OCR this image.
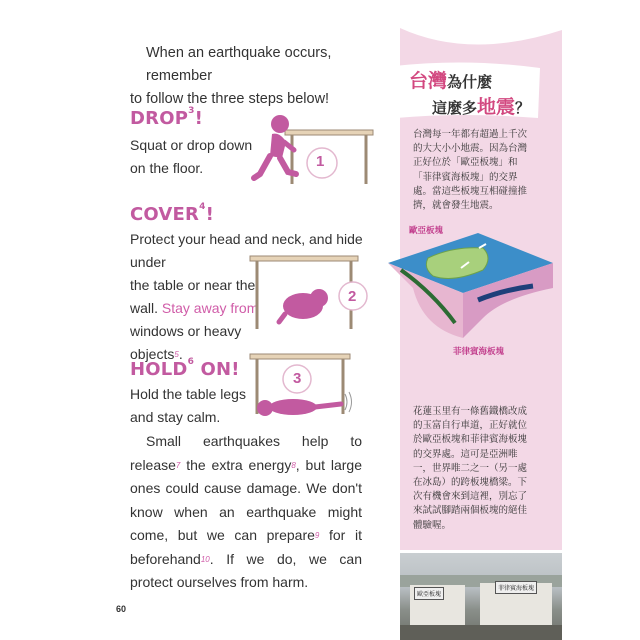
When an earthquake occurs, remember

to follow the three steps below!

DROP$^3$!
Squat or drop down
on the floor.	1
COVER$^4$!
Protect your head and neck, and hide under
the table or near the
wall. Stay away from
windows or heavy
objects$^5$.
2
HOLD$^6$ ON!
Hold the table legs
and stay calm.
3
Small earthquakes help to release$^7$ the extra energy$^8$, but large ones could cause damage. We don't know when an earthquake might come, but we can prepare$^9$ for it beforehand$^{10}$. If we do, we can protect ourselves from harm.
60
台灣為什麼
這麼多地震？
台灣每一年都有超過上千次的大大小小地震。因為台灣正好位於「歐亞板塊」和「菲律賓海板塊」的交界處。當這些板塊互相碰撞推擠，就會發生地震。
歐亞板塊
菲律賓海板塊
花蓮玉里有一條舊鐵橋改成的玉富自行車道，正好就位於歐亞板塊和菲律賓海板塊的交界處。這可是亞洲唯一，世界唯二之一（另一處在冰島）的跨板塊橋梁。下次有機會來到這裡，別忘了來試試腳踏兩個板塊的絕佳體驗喔。
歐亞板塊
菲律賓海板塊
